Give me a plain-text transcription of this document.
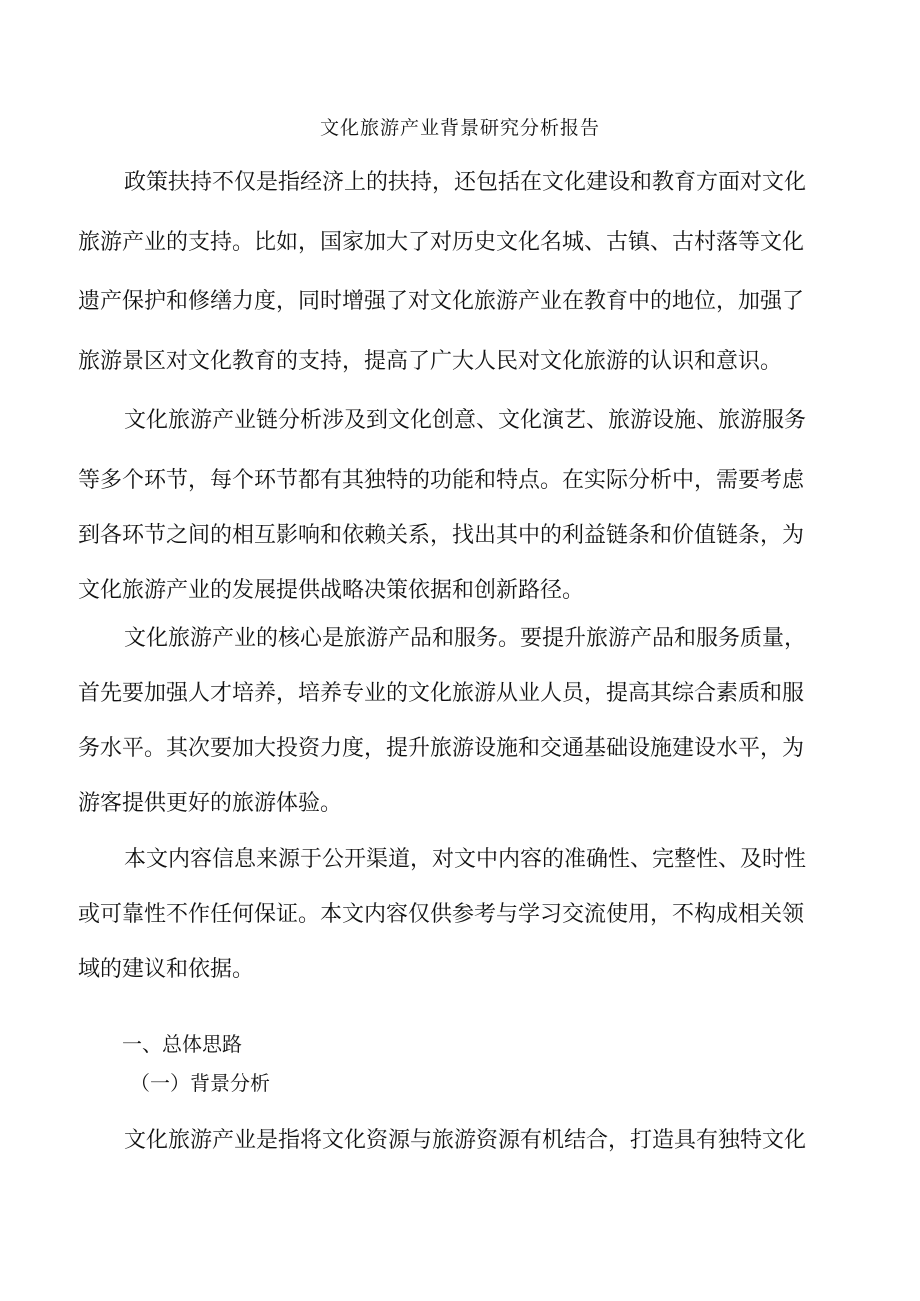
文化旅游产业背景研究分析报告
政策扶持不仅是指经济上的扶持，还包括在文化建设和教育方面对文化
旅游产业的支持。比如，国家加大了对历史文化名城、古镇、古村落等文化
遗产保护和修缮力度，同时增强了对文化旅游产业在教育中的地位，加强了
旅游景区对文化教育的支持，提高了广大人民对文化旅游的认识和意识。
文化旅游产业链分析涉及到文化创意、文化演艺、旅游设施、旅游服务
等多个环节，每个环节都有其独特的功能和特点。在实际分析中，需要考虑
到各环节之间的相互影响和依赖关系，找出其中的利益链条和价值链条，为
文化旅游产业的发展提供战略决策依据和创新路径。
文化旅游产业的核心是旅游产品和服务。要提升旅游产品和服务质量，
首先要加强人才培养，培养专业的文化旅游从业人员，提高其综合素质和服
务水平。其次要加大投资力度，提升旅游设施和交通基础设施建设水平，为
游客提供更好的旅游体验。
本文内容信息来源于公开渠道，对文中内容的准确性、完整性、及时性
或可靠性不作任何保证。本文内容仅供参考与学习交流使用，不构成相关领
域的建议和依据。
一、总体思路
（一）背景分析
文化旅游产业是指将文化资源与旅游资源有机结合，打造具有独特文化
